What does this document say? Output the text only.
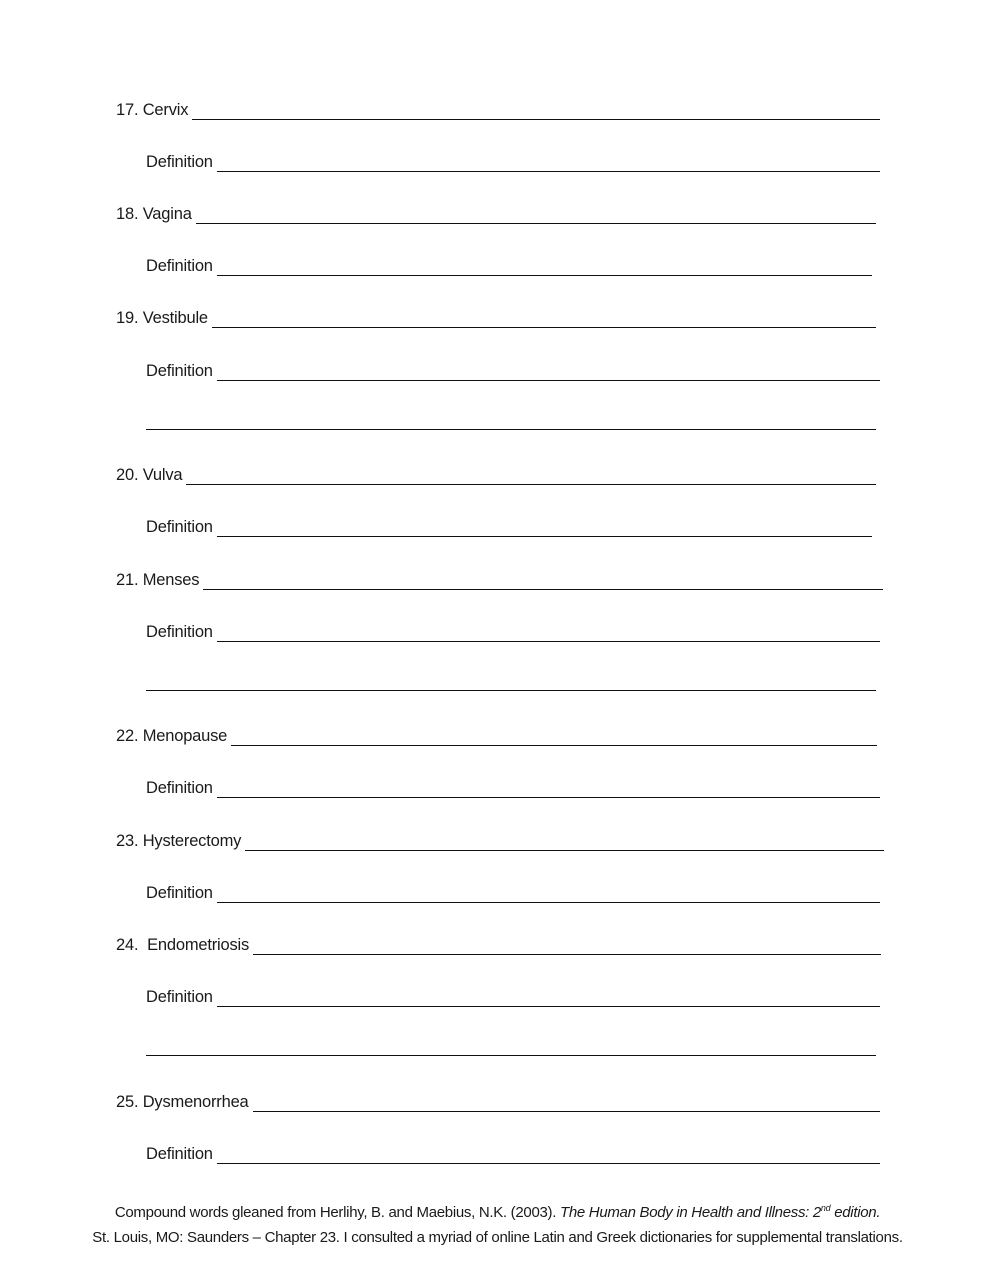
17. Cervix
Definition
18. Vagina
Definition
19. Vestibule
Definition
20. Vulva
Definition
21. Menses
Definition
22. Menopause
Definition
23. Hysterectomy
Definition
24.  Endometriosis
Definition
25. Dysmenorrhea
Definition
Compound words gleaned from Herlihy, B. and Maebius, N.K. (2003). The Human Body in Health and Illness: 2nd edition.
St. Louis, MO: Saunders – Chapter 23. I consulted a myriad of online Latin and Greek dictionaries for supplemental translations.
